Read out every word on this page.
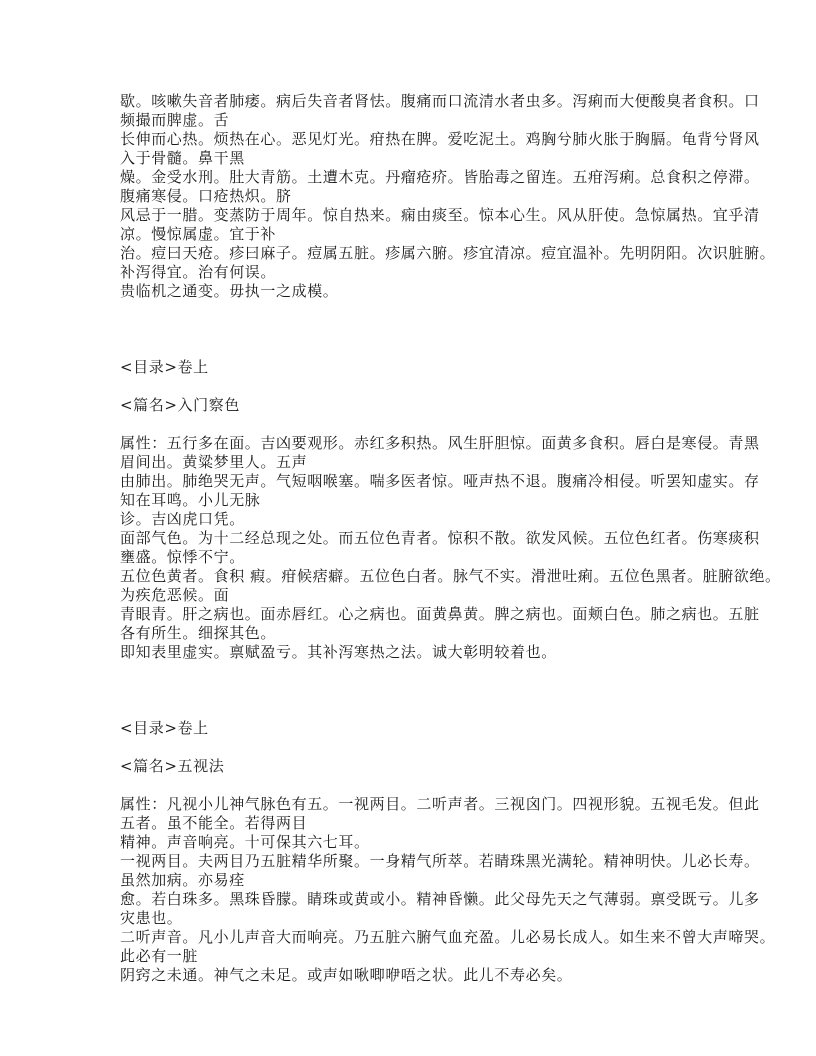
歇。咳嗽失音者肺痿。病后失音者肾怯。腹痛而口流清水者虫多。泻痢而大便酸臭者食积。口
频撮而脾虚。舌
长伸而心热。烦热在心。恶见灯光。疳热在脾。爱吃泥土。鸡胸兮肺火胀于胸膈。龟背兮肾风
入于骨髓。鼻干黑
燥。金受水刑。肚大青筋。土遭木克。丹瘤疮疥。皆胎毒之留连。五疳泻痢。总食积之停滞。
腹痛寒侵。口疮热炽。脐
风忌于一腊。变蒸防于周年。惊自热来。痫由痰至。惊本心生。风从肝使。急惊属热。宜乎清
凉。慢惊属虚。宜于补
治。痘曰天疮。疹曰麻子。痘属五脏。疹属六腑。疹宜清凉。痘宜温补。先明阴阳。次识脏腑。
补泻得宜。治有何误。
贵临机之通变。毋执一之成模。
<目录>卷上
<篇名>入门察色
属性：五行多在面。吉凶要观形。赤红多积热。风生肝胆惊。面黄多食积。唇白是寒侵。青黑
眉间出。黄粱梦里人。五声
由肺出。肺绝哭无声。气短咽喉塞。喘多医者惊。哑声热不退。腹痛冷相侵。听罢知虚实。存
知在耳鸣。小儿无脉
诊。吉凶虎口凭。
面部气色。为十二经总现之处。而五位色青者。惊积不散。欲发风候。五位色红者。伤寒痰积
壅盛。惊悸不宁。
五位色黄者。食积 瘕。疳候痞癖。五位色白者。脉气不实。滑泄吐痢。五位色黑者。脏腑欲绝。
为疾危恶候。面
青眼青。肝之病也。面赤唇红。心之病也。面黄鼻黄。脾之病也。面颊白色。肺之病也。五脏
各有所生。细探其色。
即知表里虚实。禀赋盈亏。其补泻寒热之法。诚大彰明较着也。
<目录>卷上
<篇名>五视法
属性：凡视小儿神气脉色有五。一视两目。二听声者。三视囟门。四视形貌。五视毛发。但此
五者。虽不能全。若得两目
精神。声音响亮。十可保其六七耳。
一视两目。夫两目乃五脏精华所聚。一身精气所萃。若睛珠黑光满轮。精神明快。儿必长寿。
虽然加病。亦易痊
愈。若白珠多。黑珠昏朦。睛珠或黄或小。精神昏懒。此父母先天之气薄弱。禀受既亏。儿多
灾患也。
二听声音。凡小儿声音大而响亮。乃五脏六腑气血充盈。儿必易长成人。如生来不曾大声啼哭。
此必有一脏
阴窍之未通。神气之未足。或声如啾唧咿唔之状。此儿不寿必矣。
